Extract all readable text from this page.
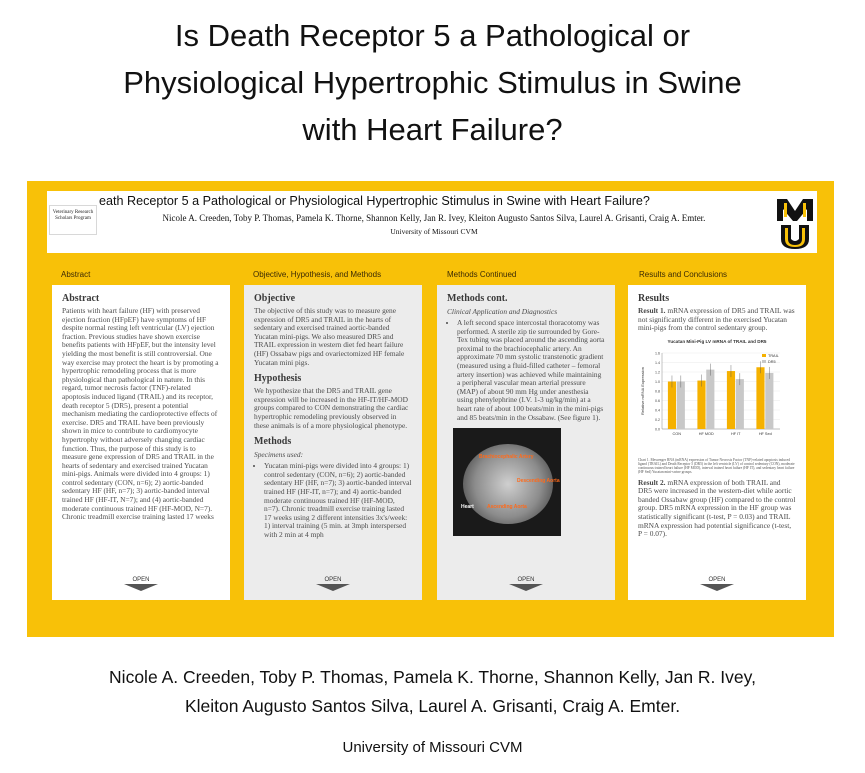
Is Death Receptor 5 a Pathological or
Physiological Hypertrophic Stimulus in Swine
with Heart Failure?
Veterinary Research Scholars Program
eath Receptor 5 a Pathological or Physiological Hypertrophic Stimulus in Swine with Heart Failure?
Nicole A. Creeden, Toby P. Thomas, Pamela K. Thorne, Shannon Kelly, Jan R. Ivey, Kleiton Augusto Santos Silva, Laurel A. Grisanti, Craig A. Emter.
University of Missouri CVM
Abstract	Objective, Hypothesis, and Methods	Methods Continued	Results and Conclusions
Abstract

Patients with heart failure (HF) with preserved ejection fraction (HFpEF) have symptoms of HF despite normal resting left ventricular (LV) ejection fraction. Previous studies have shown exercise benefits patients with HFpEF, but the intensity level yielding the most benefit is still controversial. One way exercise may protect the heart is by promoting a hypertrophic remodeling process that is more physiological than pathological in nature. In this regard, tumor necrosis factor (TNF)-related apoptosis induced ligand (TRAIL) and its receptor, death receptor 5 (DR5), present a potential mechanism mediating the cardioprotective effects of exercise. DR5 and TRAIL have been previously shown in mice to contribute to cardiomyocyte hypertrophy without adversely changing cardiac function. Thus, the purpose of this study is to measure gene expression of DR5 and TRAIL in the hearts of sedentary and exercised trained Yucatan mini-pigs. Animals were divided into 4 groups: 1) control sedentary (CON, n=6); 2) aortic-banded sedentary HF (HF, n=7); 3) aortic-banded interval trained HF (HF-IT, N=7); and (4) aortic-banded moderate continuous trained HF (HF-MOD, N=7). Chronic treadmill exercise training lasted 17 weeks

Objective

The objective of this study was to measure gene expression of DR5 and TRAIL in the hearts of sedentary and exercised trained aortic-banded Yucatan mini-pigs. We also measured DR5 and TRAIL expression in western diet fed heart failure (HF) Ossabaw pigs and ovariectomized HF female Yucatan mini pigs.

Hypothesis

We hypothesize that the DR5 and TRAIL gene expression will be increased in the HF-IT/HF-MOD groups compared to CON demonstrating the cardiac hypertrophic remodeling previously observed in these animals is of a more physiological phenotype.

Methods
Specimens used:
• Yucatan mini-pigs were divided into 4 groups: 1) control sedentary (CON, n=6); 2) aortic-banded sedentary HF (HF, n=7); 3) aortic-banded interval trained HF (HF-IT, n=7); and 4) aortic-banded moderate continuous trained HF (HF-MOD, n=7). Chronic treadmill exercise training lasted 17 weeks using 2 different intensities 3x's/week: 1) interval training (5 min. at 3mph interspersed with 2 min at 4 mph
Methods cont.
Clinical Application and Diagnostics
• A left second space intercostal thoracotomy was performed. A sterile zip tie surrounded by Gore-Tex tubing was placed around the ascending aorta proximal to the brachiocephalic artery. An approximate 70 mm systolic transtenotic gradient (measured using a fluid-filled catheter – femoral artery insertion) was achieved while maintaining a peripheral vascular mean arterial pressure (MAP) of about 90 mm Hg under anesthesia using phenylephrine (I.V. 1-3 ug/kg/min) at a heart rate of about 100 beats/min in the mini-pigs and 85 beats/min in the Ossabaw. (See figure 1).
Brachiocephalic Artery
Descending Aorta
Heart	Ascending Aorta
Results

Result 1. mRNA expression of DR5 and TRAIL was not significantly different in the exercised Yucatan mini-pigs from the control sedentary group.

Yucatan Mini-Pig LV mRNA of TRAIL and DR5
Relative mRNA Expression
0.0
0.2
0.4
0.6
0.8
1.0
1.2
1.4
1.6
CON	HF MOD	HF IT	HF Sed
TRAIL
DR5
Chart 1. Messenger RNA (mRNA) expression of Tumor Necrosis Factor (TNF)-related apoptosis induced ligand (TRAIL) and Death Receptor 5 (DR5) in the left ventricle (LV) of control sedentary (CON), moderate continuous trained heart failure (HF MOD), interval trained heart failure (HF IT), and sedentary heart failure (HF Sed) Yucatan mini-swine groups.

Result 2. mRNA expression of both TRAIL and DR5 were increased in the western-diet while aortic banded Ossabaw group (HF) compared to the control group. DR5 mRNA expression in the HF group was statistically significant (t-test, P = 0.03) and TRAIL mRNA expression had potential significance (t-test, P = 0.07).

OPEN	OPEN	OPEN	OPEN
Nicole A. Creeden, Toby P. Thomas, Pamela K. Thorne, Shannon Kelly, Jan R. Ivey,
Kleiton Augusto Santos Silva, Laurel A. Grisanti, Craig A. Emter.
University of Missouri CVM
